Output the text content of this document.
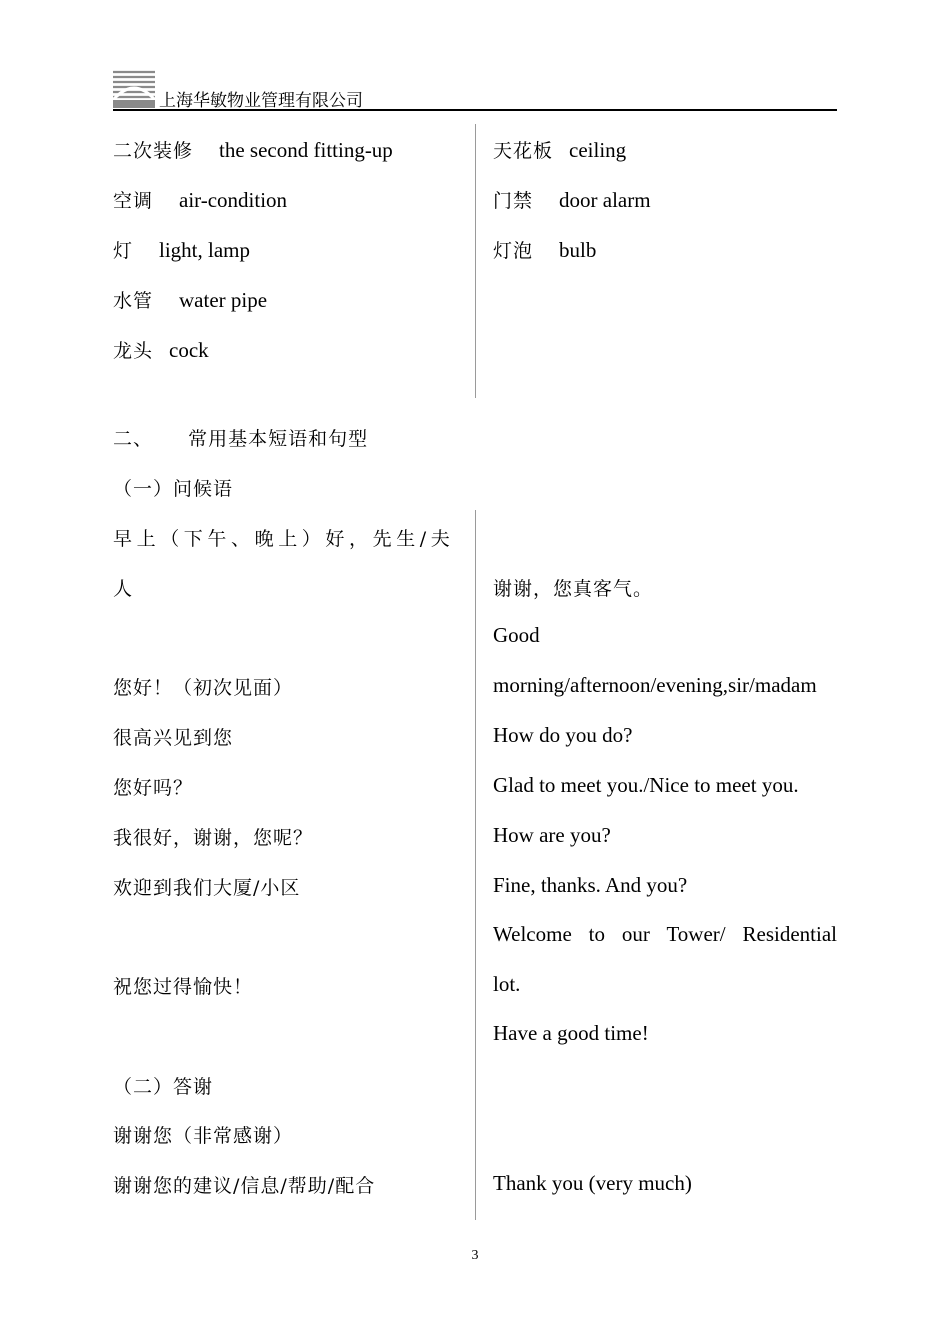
上海华敏物业管理有限公司
二次装修 the second fitting-up
空调 air-condition
灯 light, lamp
水管 water pipe
龙头 cock
天花板 ceiling
门禁 door alarm
灯泡 bulb
二、 常用基本短语和句型
（一）问候语
早上（下午、晚上）好，先生/夫
人
您好！（初次见面）
很高兴见到您
您好吗？
我很好，谢谢，您呢？
欢迎到我们大厦/小区
祝您过得愉快！
（二）答谢
谢谢您（非常感谢）
谢谢您的建议/信息/帮助/配合
谢谢，您真客气。
Good
morning/afternoon/evening,sir/madam
How do you do?
Glad to meet you./Nice to meet you.
How are you?
Fine, thanks. And you?
Welcome to our Tower/ Residential
lot.
Have a good time!
Thank you (very much)
3
